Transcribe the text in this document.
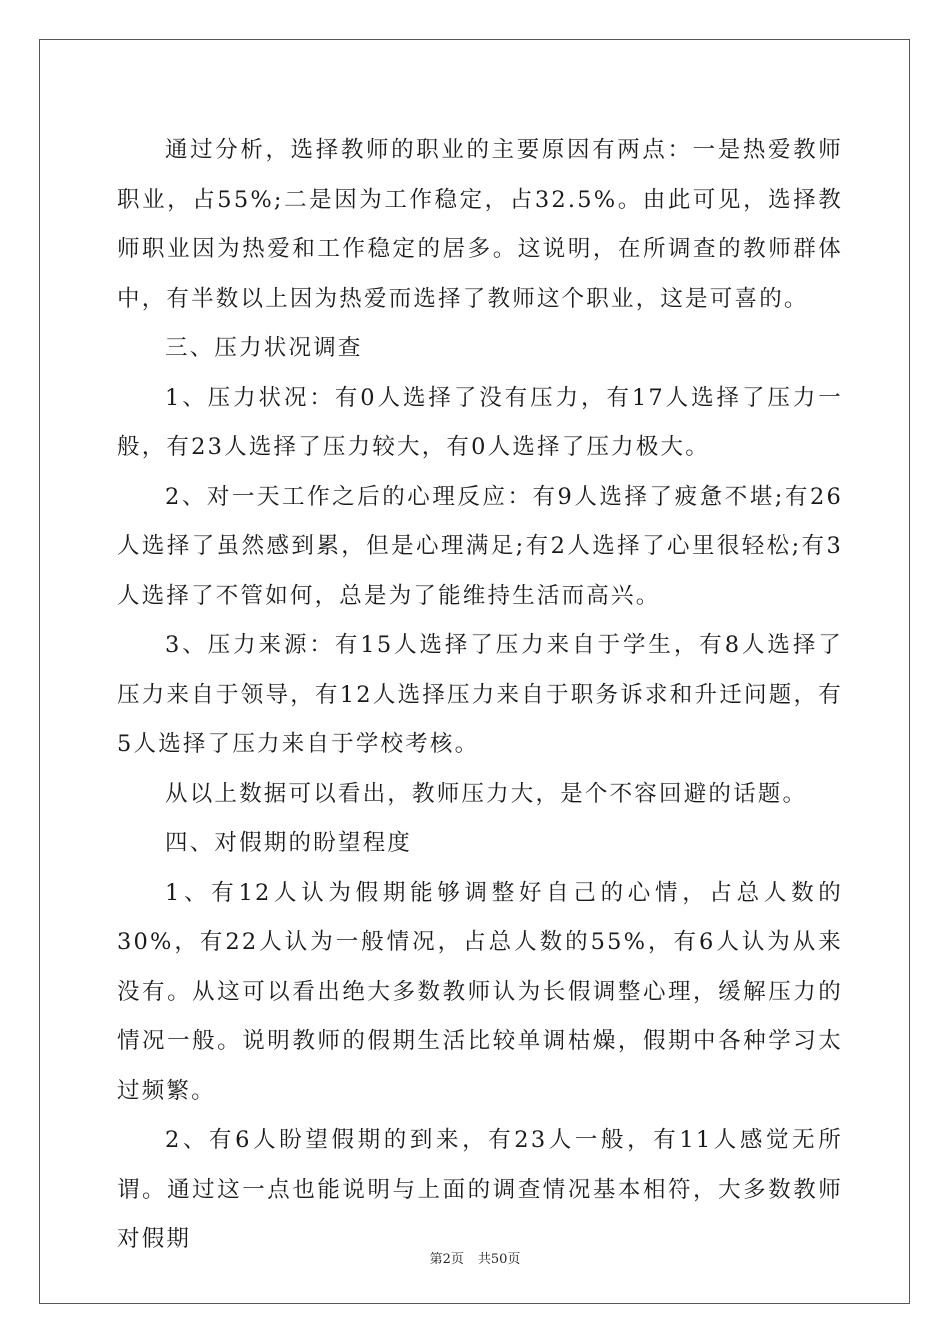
通过分析，选择教师的职业的主要原因有两点：一是热爱教师职业，占55%;二是因为工作稳定，占32.5%。由此可见，选择教师职业因为热爱和工作稳定的居多。这说明，在所调查的教师群体中，有半数以上因为热爱而选择了教师这个职业，这是可喜的。

三、压力状况调查

1、压力状况：有0人选择了没有压力，有17人选择了压力一般，有23人选择了压力较大，有0人选择了压力极大。

2、对一天工作之后的心理反应：有9人选择了疲惫不堪;有26人选择了虽然感到累，但是心理满足;有2人选择了心里很轻松;有3人选择了不管如何，总是为了能维持生活而高兴。

3、压力来源：有15人选择了压力来自于学生，有8人选择了压力来自于领导，有12人选择压力来自于职务诉求和升迁问题，有5人选择了压力来自于学校考核。

从以上数据可以看出，教师压力大，是个不容回避的话题。

四、对假期的盼望程度

1、有12人认为假期能够调整好自己的心情，占总人数的30%，有22人认为一般情况，占总人数的55%，有6人认为从来没有。从这可以看出绝大多数教师认为长假调整心理，缓解压力的情况一般。说明教师的假期生活比较单调枯燥，假期中各种学习太过频繁。

2、有6人盼望假期的到来，有23人一般，有11人感觉无所谓。通过这一点也能说明与上面的调查情况基本相符，大多数教师对假期

第2页 共50页
